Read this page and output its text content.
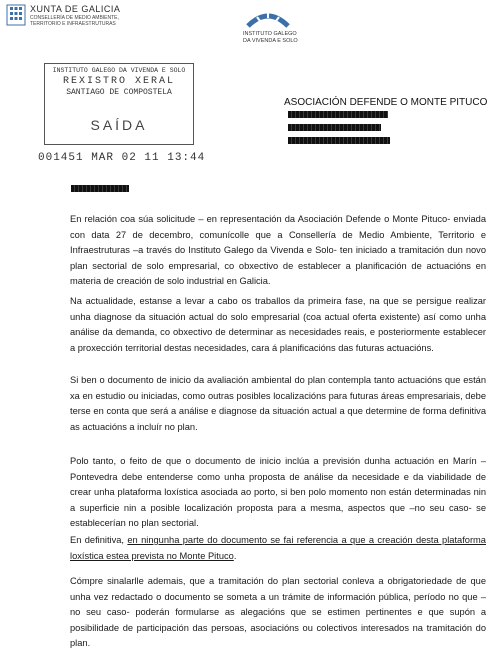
XUNTA DE GALICIA
CONSELLERÍA DE MEDIO AMBIENTE,
TERRITORIO E INFRAESTRUTURAS
INSTITUTO GALEGO
DA VIVENDA E SOLO
INSTITUTO GALEGO DA VIVENDA E SOLO
REXISTRO XERAL
SANTIAGO DE COMPOSTELA
SAÍDA
001451 MAR 02 11 13:44
ASOCIACIÓN DEFENDE O MONTE PITUCO
En relación coa súa solicitude – en representación da Asociación Defende o Monte Pituco- enviada con data 27 de decembro, comunícolle que a Consellería de Medio Ambiente, Territorio e Infraestruturas –a través do Instituto Galego da Vivenda e Solo- ten iniciado a tramitación dun novo plan sectorial de solo empresarial, co obxectivo de establecer a planificación de actuacións en materia de creación de solo industrial en Galicia.
Na actualidade, estanse a levar a cabo os traballos da primeira fase, na que se persigue realizar unha diagnose da situación actual do solo empresarial (coa actual oferta existente) así como unha análise da demanda, co obxectivo de determinar as necesidades reais, e posteriormente establecer a proxección territorial destas necesidades, cara á planificacións das futuras actuacións.
Si ben o documento de inicio da avaliación ambiental do plan contempla tanto actuacións que están xa en estudio ou iniciadas, como outras posibles localizacións para futuras áreas empresariais, debe terse en conta que será a análise e diagnose da situación actual a que determine de forma definitiva as actuacións a incluír no plan.
Polo tanto, o feito de que o documento de inicio inclúa a previsión dunha actuación en Marín – Pontevedra debe entenderse como unha proposta de análise da necesidade e da viabilidade de crear unha plataforma loxística asociada ao porto, si ben polo momento non están determinadas nin a superficie nin a posible localización proposta para a mesma, aspectos que –no seu caso- se establecerían no plan sectorial.
En definitiva, en ningunha parte do documento se fai referencia a que a creación desta plataforma loxística estea prevista no Monte Pituco.
Cómpre sinalarlle ademais, que a tramitación do plan sectorial conleva a obrigatoriedade de que unha vez redactado o documento se someta a un trámite de información pública, período no que –no seu caso- poderán formularse as alegacións que se estimen pertinentes e que supón a posibilidade de participación das persoas, asociacións ou colectivos interesados na tramitación do plan.
